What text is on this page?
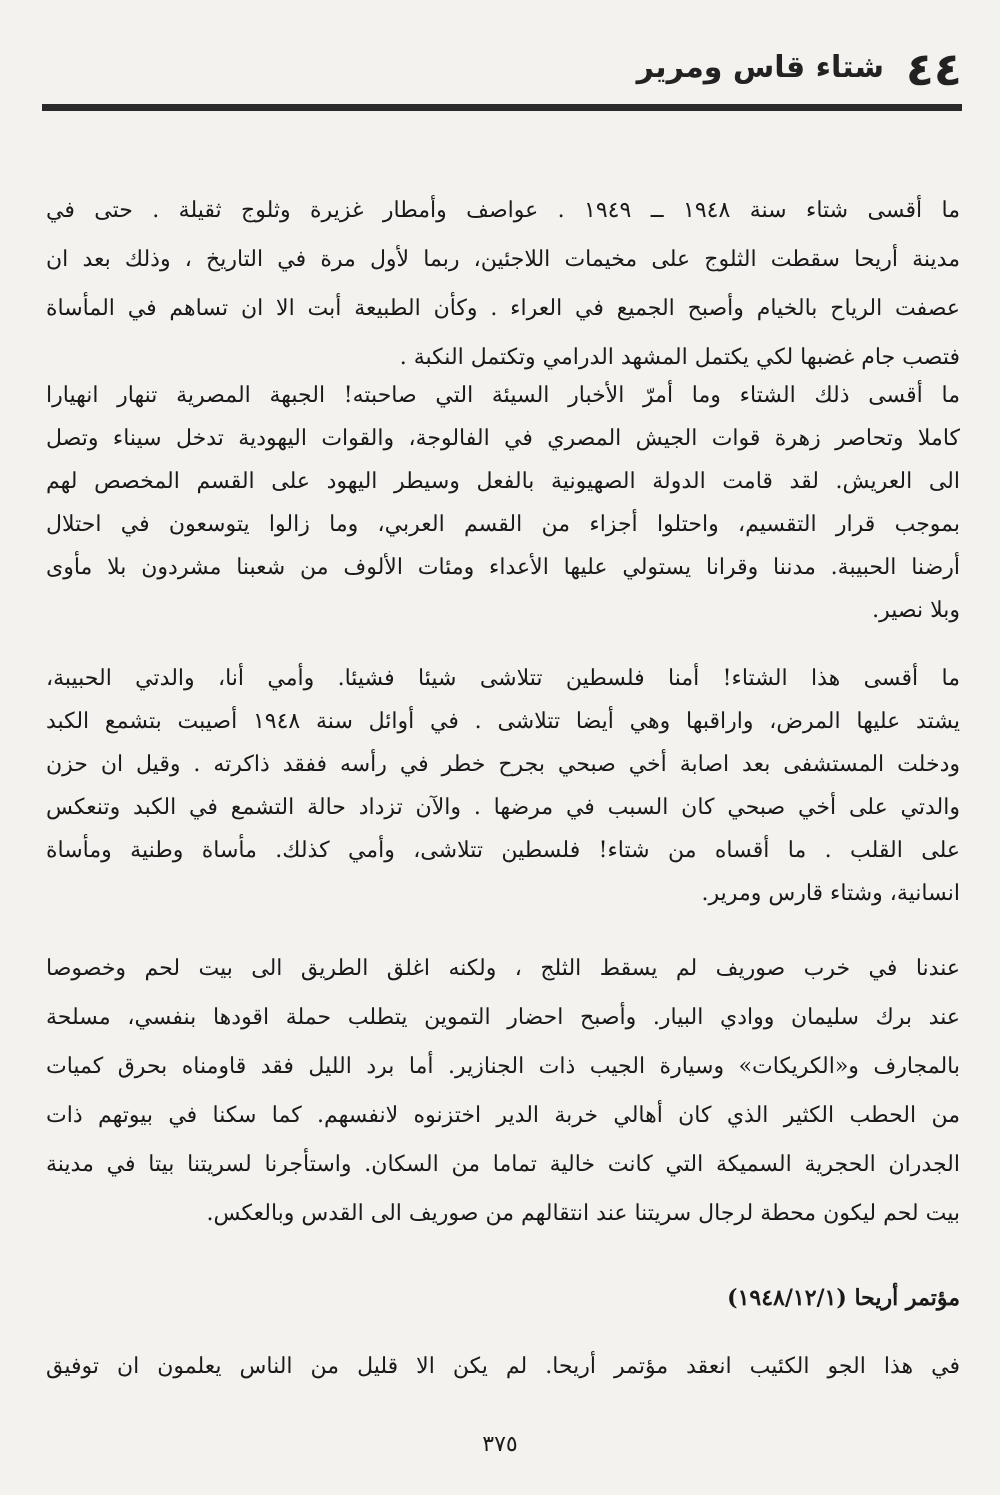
٤٤
شتاء قاس ومرير
ما أقسى شتاء سنة ١٩٤٨ ــ ١٩٤٩ . عواصف وأمطار غزيرة وثلوج ثقيلة . حتى في
مدينة أريحا سقطت الثلوج على مخيمات اللاجئين، ربما لأول مرة في التاريخ ، وذلك بعد ان
عصفت الرياح بالخيام وأصبح الجميع في العراء . وكأن الطبيعة أبت الا ان تساهم في المأساة
فتصب جام غضبها لكي يكتمل المشهد الدرامي وتكتمل النكبة .
ما أقسى ذلك الشتاء وما أمرّ الأخبار السيئة التي صاحبته! الجبهة المصرية تنهار انهيارا
كاملا وتحاصر زهرة قوات الجيش المصري في الفالوجة، والقوات اليهودية تدخل سيناء وتصل
الى العريش. لقد قامت الدولة الصهيونية بالفعل وسيطر اليهود على القسم المخصص لهم
بموجب قرار التقسيم، واحتلوا أجزاء من القسم العربي، وما زالوا يتوسعون في احتلال
أرضنا الحبيبة. مدننا وقرانا يستولي عليها الأعداء ومئات الألوف من شعبنا مشردون بلا مأوى
وبلا نصير.
ما أقسى هذا الشتاء! أمنا فلسطين تتلاشى شيئا فشيئا. وأمي أنا، والدتي الحبيبة،
يشتد عليها المرض، واراقبها وهي أيضا تتلاشى . في أوائل سنة ١٩٤٨ أصيبت بتشمع الكبد
ودخلت المستشفى بعد اصابة أخي صبحي بجرح خطر في رأسه ففقد ذاكرته . وقيل ان حزن
والدتي على أخي صبحي كان السبب في مرضها . والآن تزداد حالة التشمع في الكبد وتنعكس
على القلب . ما أقساه من شتاء! فلسطين تتلاشى، وأمي كذلك. مأساة وطنية ومأساة
انسانية، وشتاء قارس ومرير.
عندنا في خرب صوريف لم يسقط الثلج ، ولكنه اغلق الطريق الى بيت لحم وخصوصا
عند برك سليمان ووادي البيار. وأصبح احضار التموين يتطلب حملة اقودها بنفسي، مسلحة
بالمجارف و«الكريكات» وسيارة الجيب ذات الجنازير. أما برد الليل فقد قاومناه بحرق كميات
من الحطب الكثير الذي كان أهالي خربة الدير اختزنوه لانفسهم. كما سكنا في بيوتهم ذات
الجدران الحجرية السميكة التي كانت خالية تماما من السكان. واستأجرنا لسريتنا بيتا في مدينة
بيت لحم ليكون محطة لرجال سريتنا عند انتقالهم من صوريف الى القدس وبالعكس.
مؤتمر أريحا (١٩٤٨/١٢/١)
في هذا الجو الكئيب انعقد مؤتمر أريحا. لم يكن الا قليل من الناس يعلمون ان توفيق
٣٧٥
